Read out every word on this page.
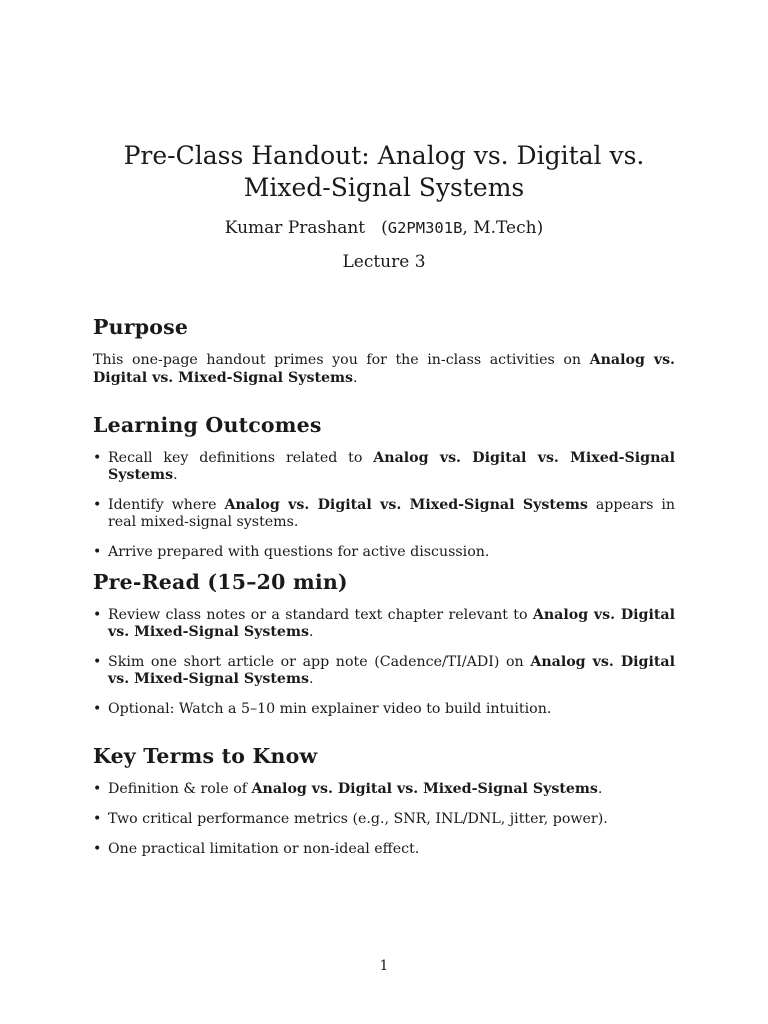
Pre-Class Handout: Analog vs. Digital vs.
Mixed-Signal Systems
Kumar Prashant (G2PM301B, M.Tech)
Lecture 3
Purpose

This one-page handout primes you for the in-class activities on Analog vs. Digital vs. Mixed-Signal Systems.

Learning Outcomes
• Recall key definitions related to Analog vs. Digital vs. Mixed-Signal Systems.
• Identify where Analog vs. Digital vs. Mixed-Signal Systems appears in real mixed-signal systems.
• Arrive prepared with questions for active discussion.
Pre-Read (15–20 min)
• Review class notes or a standard text chapter relevant to Analog vs. Digital vs. Mixed-Signal Systems.
• Skim one short article or app note (Cadence/TI/ADI) on Analog vs. Digital vs. Mixed-Signal Systems.
• Optional: Watch a 5–10 min explainer video to build intuition.
Key Terms to Know
• Definition & role of Analog vs. Digital vs. Mixed-Signal Systems.
• Two critical performance metrics (e.g., SNR, INL/DNL, jitter, power).
• One practical limitation or non-ideal effect.
1
